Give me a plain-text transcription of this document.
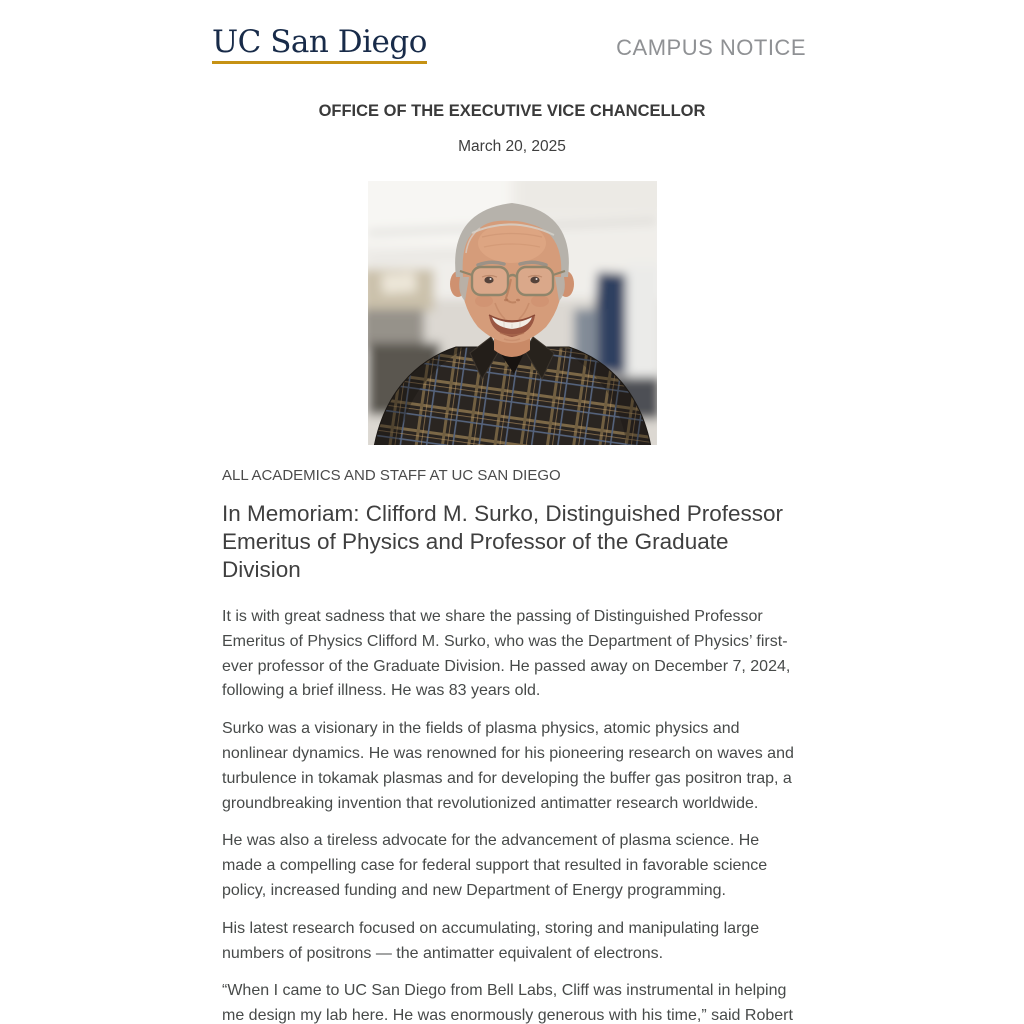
UC San Diego	CAMPUS NOTICE
OFFICE OF THE EXECUTIVE VICE CHANCELLOR
March 20, 2025
ALL ACADEMICS AND STAFF AT UC SAN DIEGO
In Memoriam: Clifford M. Surko, Distinguished Professor Emeritus of Physics and Professor of the Graduate Division

It is with great sadness that we share the passing of Distinguished Professor Emeritus of Physics Clifford M. Surko, who was the Department of Physics’ first-ever professor of the Graduate Division. He passed away on December 7, 2024, following a brief illness. He was 83 years old.

Surko was a visionary in the fields of plasma physics, atomic physics and nonlinear dynamics. He was renowned for his pioneering research on waves and turbulence in tokamak plasmas and for developing the buffer gas positron trap, a groundbreaking invention that revolutionized antimatter research worldwide.

He was also a tireless advocate for the advancement of plasma science. He made a compelling case for federal support that resulted in favorable science policy, increased funding and new Department of Energy programming.

His latest research focused on accumulating, storing and manipulating large numbers of positrons — the antimatter equivalent of electrons.

“When I came to UC San Diego from Bell Labs, Cliff was instrumental in helping me design my lab here. He was enormously generous with his time,” said Robert
